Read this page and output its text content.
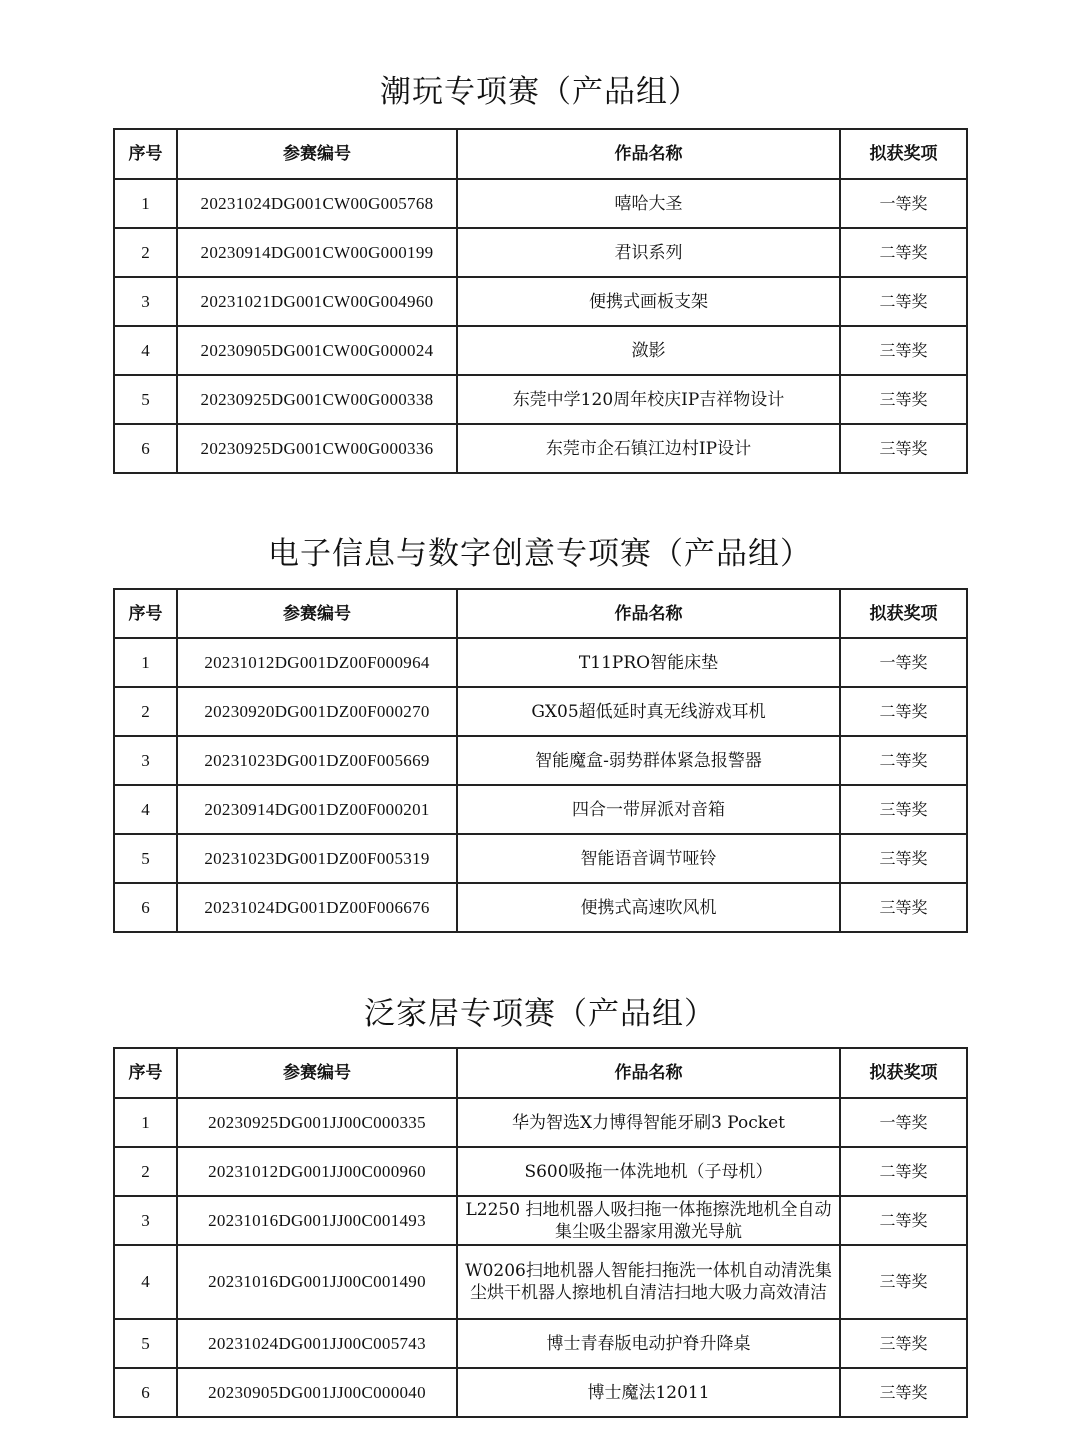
潮玩专项赛（产品组）
序号	参赛编号	作品名称	拟获奖项
1	20231024DG001CW00G005768	嘻哈大圣	一等奖
2	20230914DG001CW00G000199	君识系列	二等奖
3	20231021DG001CW00G004960	便携式画板支架	二等奖
4	20230905DG001CW00G000024	潋影	三等奖
5	20230925DG001CW00G000338	东莞中学120周年校庆IP吉祥物设计	三等奖
6	20230925DG001CW00G000336	东莞市企石镇江边村IP设计	三等奖
电子信息与数字创意专项赛（产品组）
序号	参赛编号	作品名称	拟获奖项
1	20231012DG001DZ00F000964	T11PRO智能床垫	一等奖
2	20230920DG001DZ00F000270	GX05超低延时真无线游戏耳机	二等奖
3	20231023DG001DZ00F005669	智能魔盒-弱势群体紧急报警器	二等奖
4	20230914DG001DZ00F000201	四合一带屏派对音箱	三等奖
5	20231023DG001DZ00F005319	智能语音调节哑铃	三等奖
6	20231024DG001DZ00F006676	便携式高速吹风机	三等奖
泛家居专项赛（产品组）
序号	参赛编号	作品名称	拟获奖项
1	20230925DG001JJ00C000335	华为智选X力博得智能牙刷3 Pocket	一等奖
2	20231012DG001JJ00C000960	S600吸拖一体洗地机（子母机）	二等奖
3	20231016DG001JJ00C001493	L2250 扫地机器人吸扫拖一体拖擦洗地机全自动集尘吸尘器家用激光导航	二等奖
4	20231016DG001JJ00C001490	W0206扫地机器人智能扫拖洗一体机自动清洗集尘烘干机器人擦地机自清洁扫地大吸力高效清洁	三等奖
5	20231024DG001JJ00C005743	博士青春版电动护脊升降桌	三等奖
6	20230905DG001JJ00C000040	博士魔法12011	三等奖
